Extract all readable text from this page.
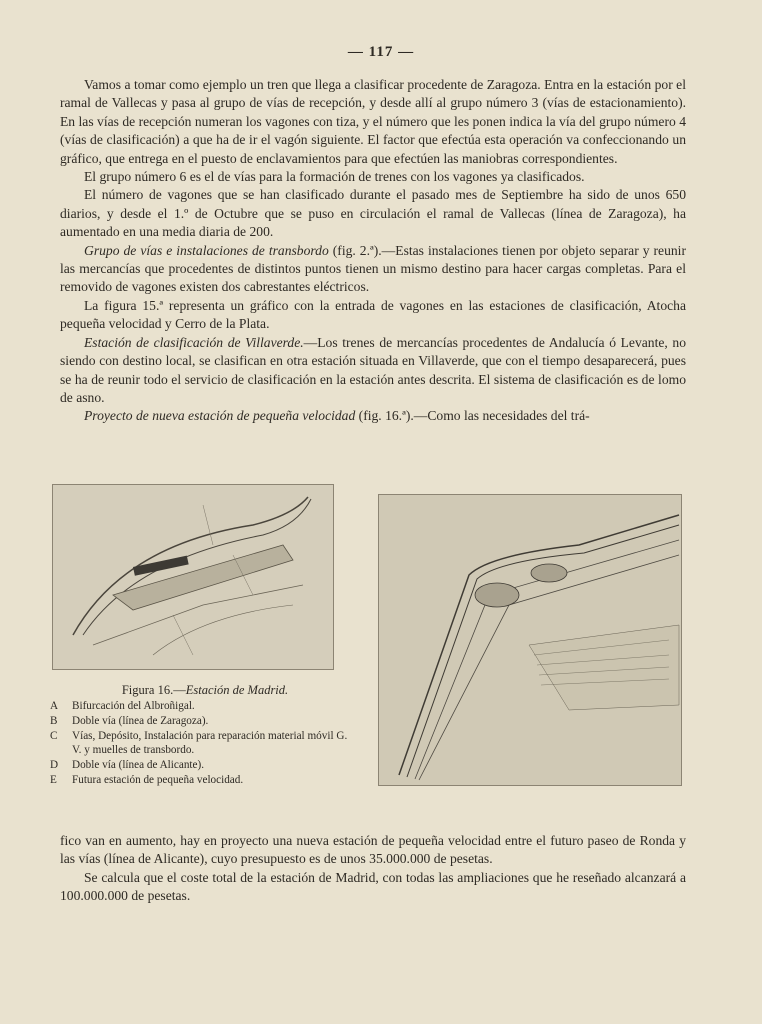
— 117 —

Vamos a tomar como ejemplo un tren que llega a clasificar procedente de Zaragoza. Entra en la estación por el ramal de Vallecas y pasa al grupo de vías de recepción, y desde allí al grupo número 3 (vías de estacionamiento). En las vías de recepción numeran los vagones con tiza, y el número que les ponen indica la vía del grupo número 4 (vías de clasificación) a que ha de ir el vagón siguiente. El factor que efectúa esta operación va confeccionando un gráfico, que entrega en el puesto de enclavamientos para que efectúen las maniobras correspondientes.

El grupo número 6 es el de vías para la formación de trenes con los vagones ya clasificados.

El número de vagones que se han clasificado durante el pasado mes de Septiembre ha sido de unos 650 diarios, y desde el 1.º de Octubre que se puso en circulación el ramal de Vallecas (línea de Zaragoza), ha aumentado en una media diaria de 200.

Grupo de vías e instalaciones de transbordo (fig. 2.ª).—Estas instalaciones tienen por objeto separar y reunir las mercancías que procedentes de distintos puntos tienen un mismo destino para hacer cargas completas. Para el removido de vagones existen dos cabrestantes eléctricos.

La figura 15.ª representa un gráfico con la entrada de vagones en las estaciones de clasificación, Atocha pequeña velocidad y Cerro de la Plata.

Estación de clasificación de Villaverde.—Los trenes de mercancías procedentes de Andalucía ó Levante, no siendo con destino local, se clasifican en otra estación situada en Villaverde, que con el tiempo desaparecerá, pues se ha de reunir todo el servicio de clasificación en la estación antes descrita. El sistema de clasificación es de lomo de asno.

Proyecto de nueva estación de pequeña velocidad (fig. 16.ª).—Como las necesidades del trá-

Figura 16.—Estación de Madrid.
A	Bifurcación del Albroñigal.
B	Doble vía (línea de Zaragoza).
C	Vías, Depósito, Instalación para reparación material móvil G. V. y muelles de transbordo.
D	Doble vía (línea de Alicante).
E	Futura estación de pequeña velocidad.

fico van en aumento, hay en proyecto una nueva estación de pequeña velocidad entre el futuro paseo de Ronda y las vías (línea de Alicante), cuyo presupuesto es de unos 35.000.000 de pesetas.

Se calcula que el coste total de la estación de Madrid, con todas las ampliaciones que he reseñado alcanzará a 100.000.000 de pesetas.
